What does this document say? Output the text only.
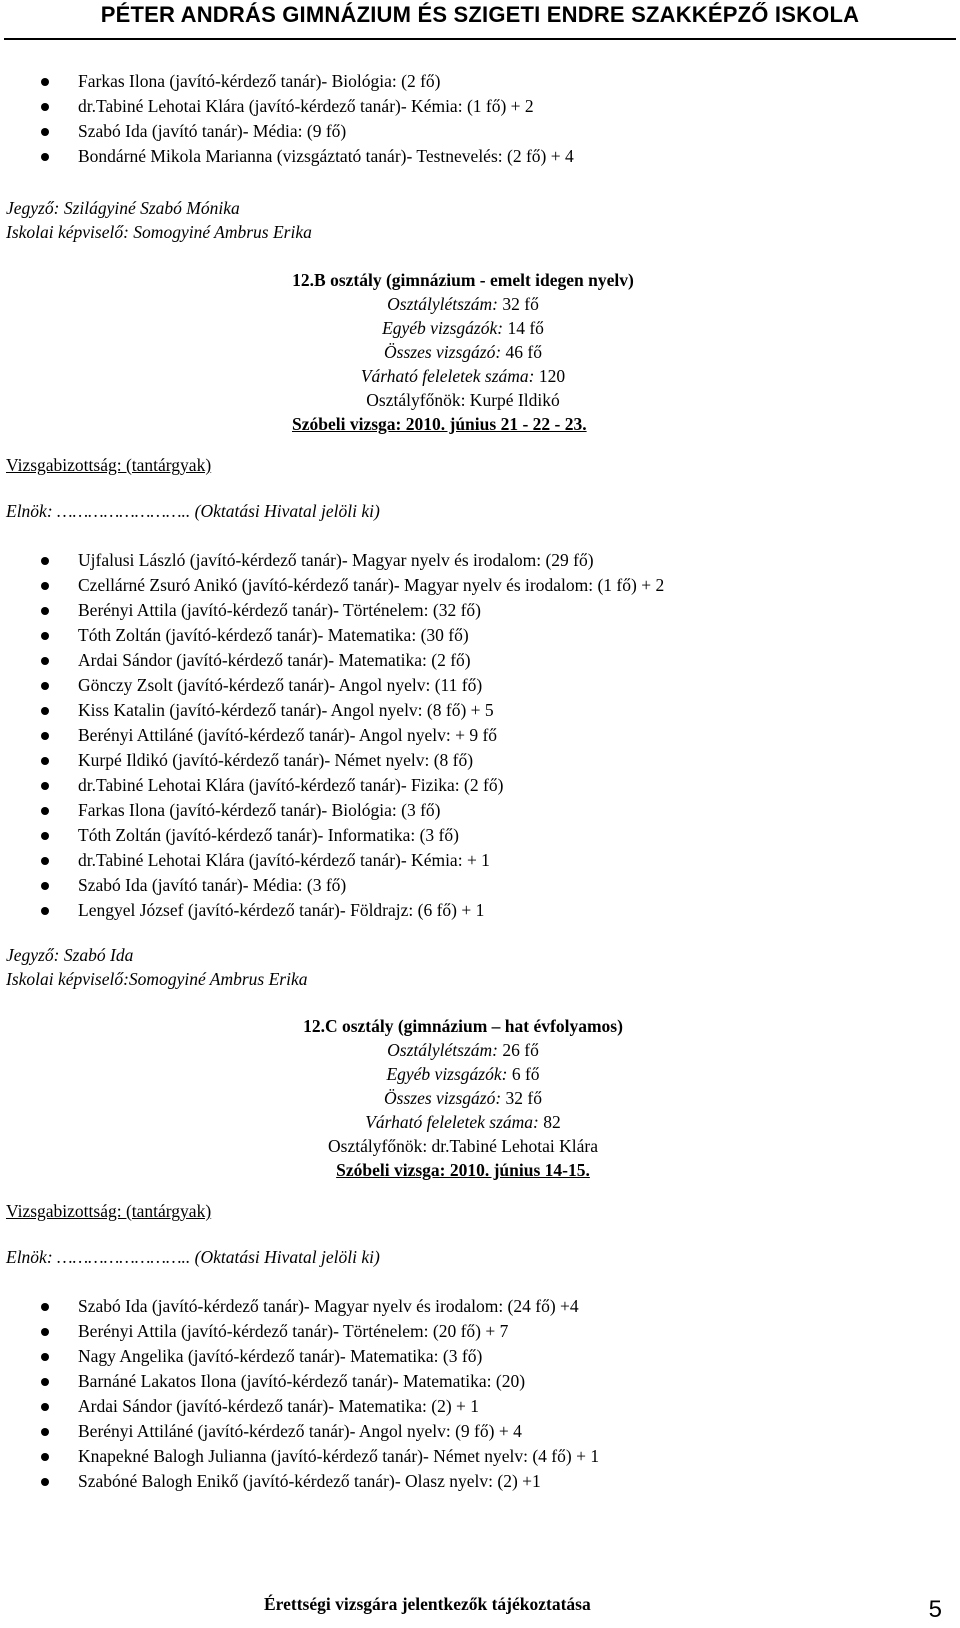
PÉTER ANDRÁS GIMNÁZIUM ÉS SZIGETI ENDRE SZAKKÉPZŐ ISKOLA
Farkas Ilona (javító-kérdező tanár)- Biológia: (2 fő)
dr.Tabiné Lehotai Klára (javító-kérdező tanár)- Kémia: (1 fő) + 2
Szabó Ida (javító tanár)- Média: (9 fő)
Bondárné Mikola Marianna (vizsgáztató tanár)- Testnevelés: (2 fő) + 4
Jegyző: Szilágyiné Szabó Mónika
Iskolai képviselő: Somogyiné Ambrus Erika
12.B osztály (gimnázium - emelt idegen nyelv)
Osztálylétszám: 32 fő
Egyéb vizsgázók: 14 fő
Összes vizsgázó: 46 fő
Várható feleletek száma: 120
Osztályfőnök: Kurpé Ildikó
Szóbeli vizsga: 2010. június 21 - 22 - 23.
Vizsgabizottság: (tantárgyak)
Elnök: …………………….. (Oktatási Hivatal jelöli ki)
Ujfalusi László (javító-kérdező tanár)- Magyar nyelv és irodalom: (29 fő)
Czellárné Zsuró Anikó (javító-kérdező tanár)- Magyar nyelv és irodalom: (1 fő) + 2
Berényi Attila (javító-kérdező tanár)- Történelem: (32 fő)
Tóth Zoltán (javító-kérdező tanár)- Matematika: (30 fő)
Ardai Sándor (javító-kérdező tanár)- Matematika: (2 fő)
Gönczy Zsolt (javító-kérdező tanár)- Angol nyelv: (11 fő)
Kiss Katalin (javító-kérdező tanár)- Angol nyelv: (8 fő) + 5
Berényi Attiláné (javító-kérdező tanár)- Angol nyelv: + 9 fő
Kurpé Ildikó (javító-kérdező tanár)- Német nyelv: (8 fő)
dr.Tabiné Lehotai Klára (javító-kérdező tanár)- Fizika: (2 fő)
Farkas Ilona (javító-kérdező tanár)- Biológia: (3 fő)
Tóth Zoltán (javító-kérdező tanár)- Informatika: (3 fő)
dr.Tabiné Lehotai Klára (javító-kérdező tanár)- Kémia: + 1
Szabó Ida (javító tanár)- Média: (3 fő)
Lengyel József (javító-kérdező tanár)- Földrajz: (6 fő) + 1
Jegyző: Szabó Ida
Iskolai képviselő:Somogyiné Ambrus Erika
12.C osztály (gimnázium – hat évfolyamos)
Osztálylétszám: 26 fő
Egyéb vizsgázók: 6 fő
Összes vizsgázó: 32 fő
Várható feleletek száma: 82
Osztályfőnök: dr.Tabiné Lehotai Klára
Szóbeli vizsga: 2010. június 14-15.
Vizsgabizottság: (tantárgyak)
Elnök: …………………….. (Oktatási Hivatal jelöli ki)
Szabó Ida (javító-kérdező tanár)- Magyar nyelv és irodalom: (24 fő) +4
Berényi Attila (javító-kérdező tanár)- Történelem: (20 fő) + 7
Nagy Angelika (javító-kérdező tanár)- Matematika: (3 fő)
Barnáné Lakatos Ilona (javító-kérdező tanár)- Matematika: (20)
Ardai Sándor (javító-kérdező tanár)- Matematika: (2) + 1
Berényi Attiláné (javító-kérdező tanár)- Angol nyelv: (9 fő) + 4
Knapekné Balogh Julianna (javító-kérdező tanár)- Német nyelv: (4 fő) + 1
Szabóné Balogh Enikő (javító-kérdező tanár)- Olasz nyelv: (2) +1
Érettségi vizsgára jelentkezők tájékoztatása	5
